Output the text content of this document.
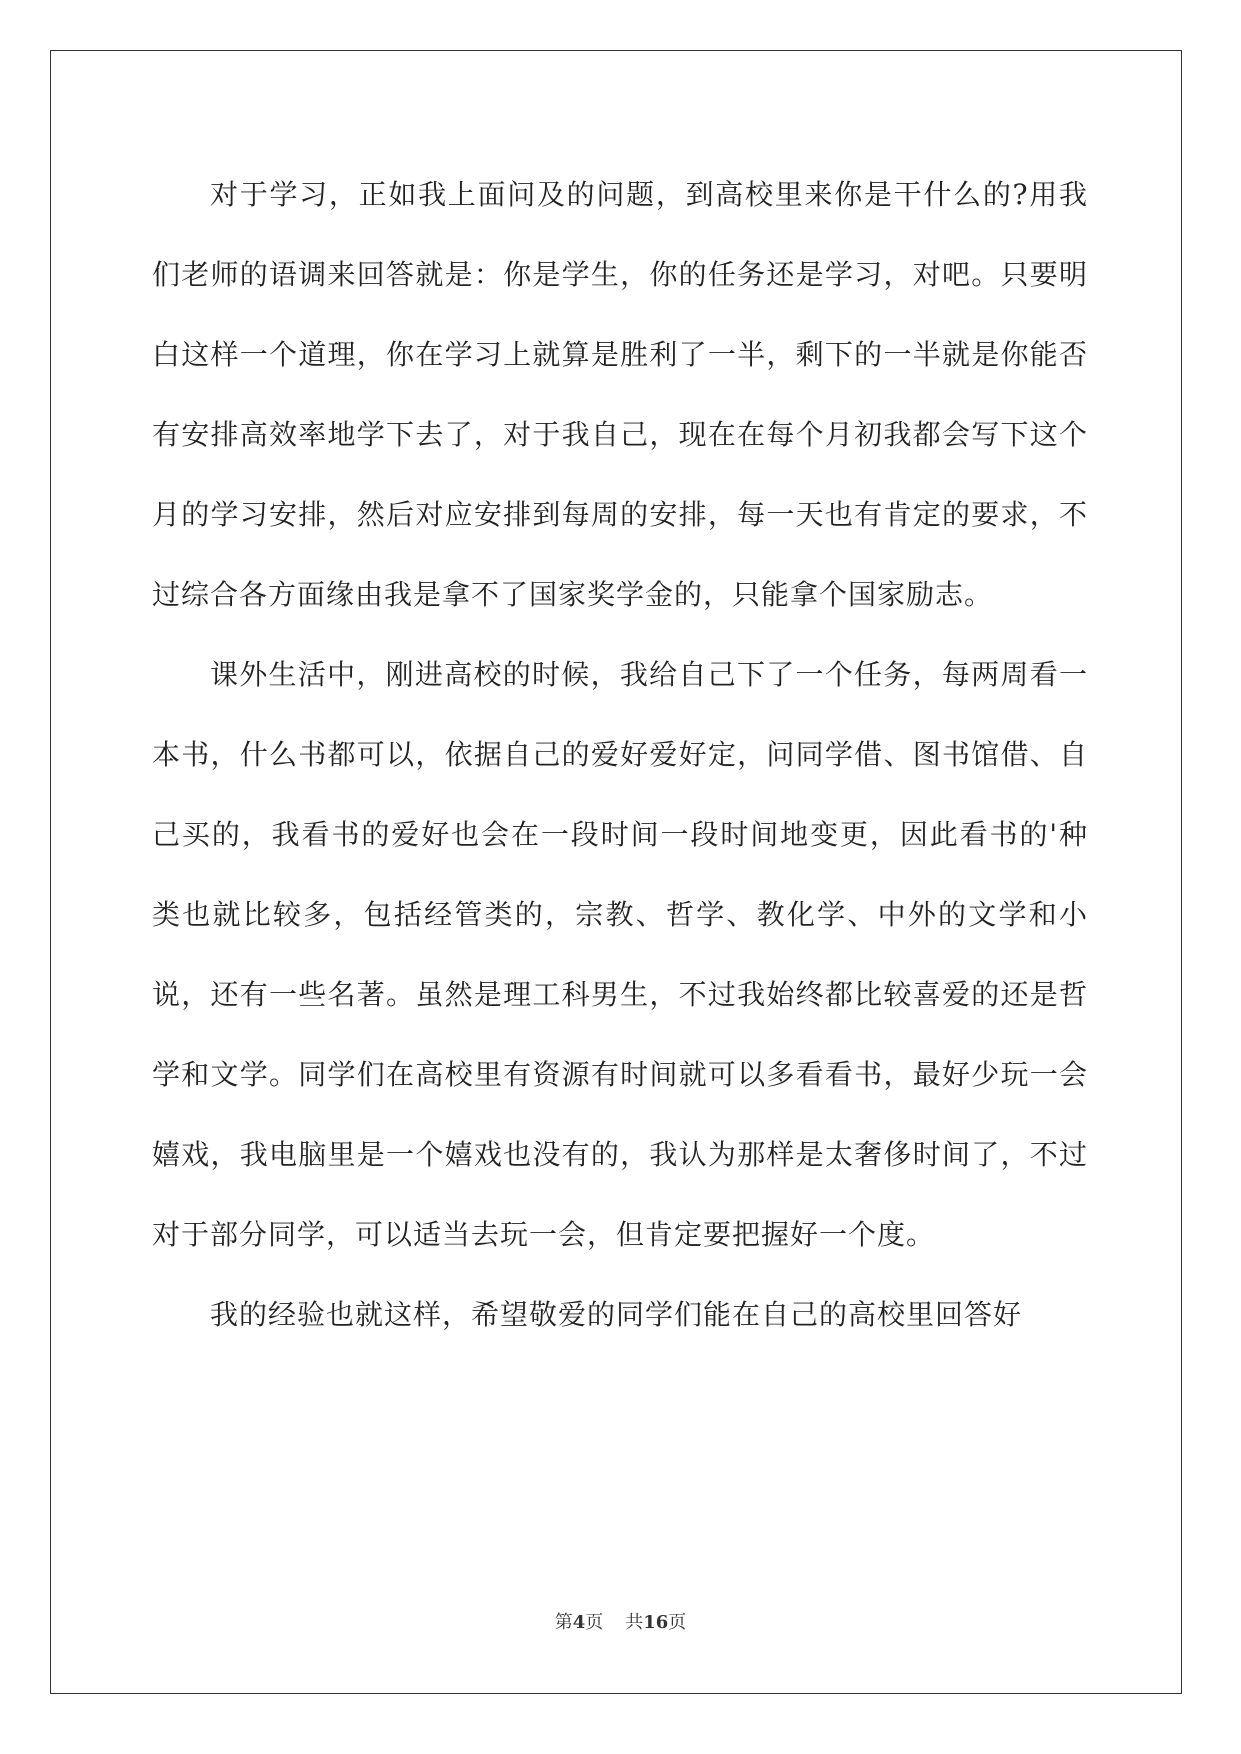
对于学习，正如我上面问及的问题，到高校里来你是干什么的?用我们老师的语调来回答就是：你是学生，你的任务还是学习，对吧。只要明白这样一个道理，你在学习上就算是胜利了一半，剩下的一半就是你能否有安排高效率地学下去了，对于我自己，现在在每个月初我都会写下这个月的学习安排，然后对应安排到每周的安排，每一天也有肯定的要求，不过综合各方面缘由我是拿不了国家奖学金的，只能拿个国家励志。

课外生活中，刚进高校的时候，我给自己下了一个任务，每两周看一本书，什么书都可以，依据自己的爱好爱好定，问同学借、图书馆借、自己买的，我看书的爱好也会在一段时间一段时间地变更，因此看书的'种类也就比较多，包括经管类的，宗教、哲学、教化学、中外的文学和小说，还有一些名著。虽然是理工科男生，不过我始终都比较喜爱的还是哲学和文学。同学们在高校里有资源有时间就可以多看看书，最好少玩一会嬉戏，我电脑里是一个嬉戏也没有的，我认为那样是太奢侈时间了，不过对于部分同学，可以适当去玩一会，但肯定要把握好一个度。

我的经验也就这样，希望敬爱的同学们能在自己的高校里回答好

第4页 共16页
